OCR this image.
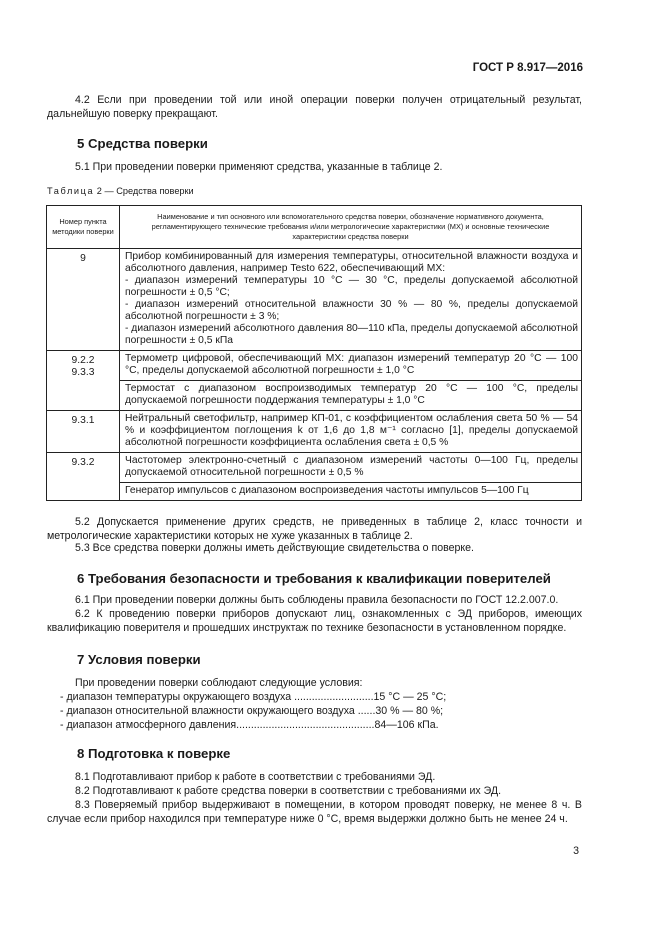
ГОСТ Р 8.917—2016

4.2 Если при проведении той или иной операции поверки получен отрицательный результат, дальнейшую поверку прекращают.

5 Средства поверки

5.1 При проведении поверки применяют средства, указанные в таблице 2.

Таблица 2 — Средства поверки
Номер пункта методики поверки	Наименование и тип основного или вспомогательного средства поверки, обозначение нормативного документа, регламентирующего технические требования и/или метрологические характеристики (МХ) и основные технические характеристики средства поверки
9	Прибор комбинированный для измерения температуры, относительной влажности воздуха и абсолютного давления, например Testo 622, обеспечивающий МХ:
- диапазон измерений температуры 10 °С — 30 °С, пределы допускаемой абсолютной погрешности ± 0,5 °С;
- диапазон измерений относительной влажности 30 % — 80 %, пределы допускаемой абсолютной погрешности ± 3 %;
- диапазон измерений абсолютного давления 80—110 кПа, пределы допускаемой абсолютной погрешности ± 0,5 кПа

9.2.2
9.3.3	Термометр цифровой, обеспечивающий МХ: диапазон измерений температур 20 °С — 100 °С, пределы допускаемой абсолютной погрешности ± 1,0 °С
	Термостат с диапазоном воспроизводимых температур 20 °С — 100 °С, пределы допускаемой погрешности поддержания температуры ± 1,0 °С
9.3.1	Нейтральный светофильтр, например КП-01, с коэффициентом ослабления света 50 % — 54 % и коэффициентом поглощения k от 1,6 до 1,8 м⁻¹ согласно [1], пределы допускаемой абсолютной погрешности коэффициента ослабления света ± 0,5 %
9.3.2	Частотомер электронно-счетный с диапазоном измерений частоты 0—100 Гц, пределы допускаемой относительной погрешности ± 0,5 %
	Генератор импульсов с диапазоном воспроизведения частоты импульсов 5—100 Гц

5.2 Допускается применение других средств, не приведенных в таблице 2, класс точности и метрологические характеристики которых не хуже указанных в таблице 2.

5.3 Все средства поверки должны иметь действующие свидетельства о поверке.

6 Требования безопасности и требования к квалификации поверителей

6.1 При проведении поверки должны быть соблюдены правила безопасности по ГОСТ 12.2.007.0.

6.2 К проведению поверки приборов допускают лиц, ознакомленных с ЭД приборов, имеющих квалификацию поверителя и прошедших инструктаж по технике безопасности в установленном порядке.

7 Условия поверки

При проведении поверки соблюдают следующие условия:

- диапазон температуры окружающего воздуха ...........................15 °С — 25 °С;
- диапазон относительной влажности окружающего воздуха ......30 % — 80 %;
- диапазон атмосферного давления...............................................84—106 кПа.
8 Подготовка к поверке

8.1 Подготавливают прибор к работе в соответствии с требованиями ЭД.

8.2 Подготавливают к работе средства поверки в соответствии с требованиями их ЭД.

8.3 Поверяемый прибор выдерживают в помещении, в котором проводят поверку, не менее 8 ч. В случае если прибор находился при температуре ниже 0 °С, время выдержки должно быть не менее 24 ч.

3
